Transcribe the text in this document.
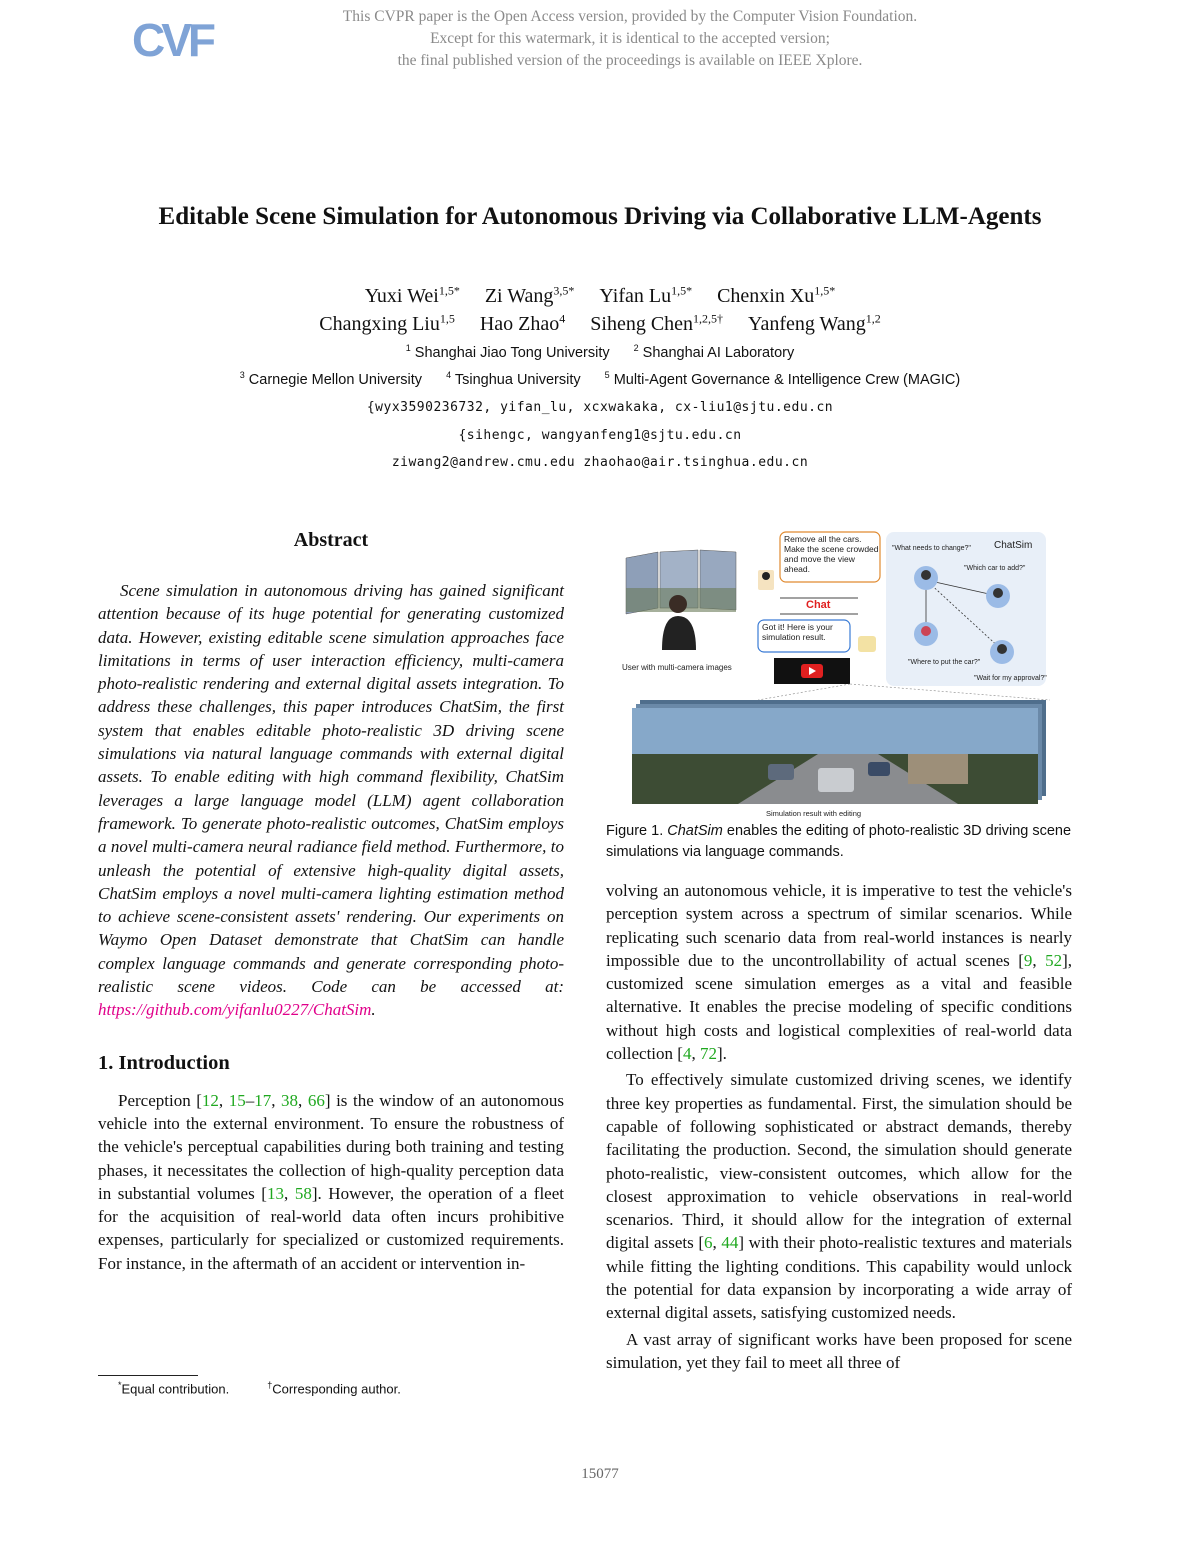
CVF	This CVPR paper is the Open Access version, provided by the Computer Vision Foundation.
Except for this watermark, it is identical to the accepted version;
the final published version of the proceedings is available on IEEE Xplore.
Editable Scene Simulation for Autonomous Driving via Collaborative LLM-Agents
Yuxi Wei$^{1,5*}$ Zi Wang$^{3,5*}$ Yifan $Lu^{1,5*}$ Chenxin $Xu^{1,5*}$
Changxing Liu$^{1,5}$ Hao Zhao$^4$ Siheng Chen$^{1,2,5\dagger}$ Yanfeng Wang$^{1,2}$
$^1$ Shanghai Jiao Tong University	$^2$ Shanghai AI Laboratory
$^3$ Carnegie Mellon University	$^4$ Tsinghua University	$^5$ Multi-Agent Governance & Intelligence Crew (MAGIC)
{wyx3590236732, yifan_lu, xcxwakaka, cx-liu1@sjtu.edu.cn
{sihengc, wangyanfeng1@sjtu.edu.cn
ziwang2@andrew.cmu.edu zhaohao@air.tsinghua.edu.cn
Abstract

Scene simulation in autonomous driving has gained significant attention because of its huge potential for generating customized data. However, existing editable scene simulation approaches face limitations in terms of user interaction efficiency, multi-camera photo-realistic rendering and external digital assets integration. To address these challenges, this paper introduces ChatSim, the first system that enables editable photo-realistic 3D driving scene simulations via natural language commands with external digital assets. To enable editing with high command flexibility, ChatSim leverages a large language model (LLM) agent collaboration framework. To generate photo-realistic outcomes, ChatSim employs a novel multi-camera neural radiance field method. Furthermore, to unleash the potential of extensive high-quality digital assets, ChatSim employs a novel multi-camera lighting estimation method to achieve scene-consistent assets' rendering. Our experiments on Waymo Open Dataset demonstrate that ChatSim can handle complex language commands and generate corresponding photo-realistic scene videos. Code can be accessed at: https://github.com/yifanlu0227/ChatSim.

1. Introduction

Perception [12, 15–17, 38, 66] is the window of an autonomous vehicle into the external environment. To ensure the robustness of the vehicle's perceptual capabilities during both training and testing phases, it necessitates the collection of high-quality perception data in substantial volumes [13, 58]. However, the operation of a fleet for the acquisition of real-world data often incurs prohibitive expenses, particularly for specialized or customized requirements. For instance, in the aftermath of an accident or intervention in-

*Equal contribution.	†Corresponding author.
User with multi-camera images
Remove all the cars. Make the scene crowded and move the view ahead.
Chat
Got it! Here is your simulation result.
ChatSim
"What needs to change?"
"Which car to add?"
"Where to put the car?"
"Wait for my approval?"
Simulation result with editing
Figure 1. ChatSim enables the editing of photo-realistic 3D driving scene simulations via language commands.

volving an autonomous vehicle, it is imperative to test the vehicle's perception system across a spectrum of similar scenarios. While replicating such scenario data from real-world instances is nearly impossible due to the uncontrollability of actual scenes [9, 52], customized scene simulation emerges as a vital and feasible alternative. It enables the precise modeling of specific conditions without high costs and logistical complexities of real-world data collection [4, 72].

To effectively simulate customized driving scenes, we identify three key properties as fundamental. First, the simulation should be capable of following sophisticated or abstract demands, thereby facilitating the production. Second, the simulation should generate photo-realistic, view-consistent outcomes, which allow for the closest approximation to vehicle observations in real-world scenarios. Third, it should allow for the integration of external digital assets [6, 44] with their photo-realistic textures and materials while fitting the lighting conditions. This capability would unlock the potential for data expansion by incorporating a wide array of external digital assets, satisfying customized needs.

A vast array of significant works have been proposed for scene simulation, yet they fail to meet all three of

15077
